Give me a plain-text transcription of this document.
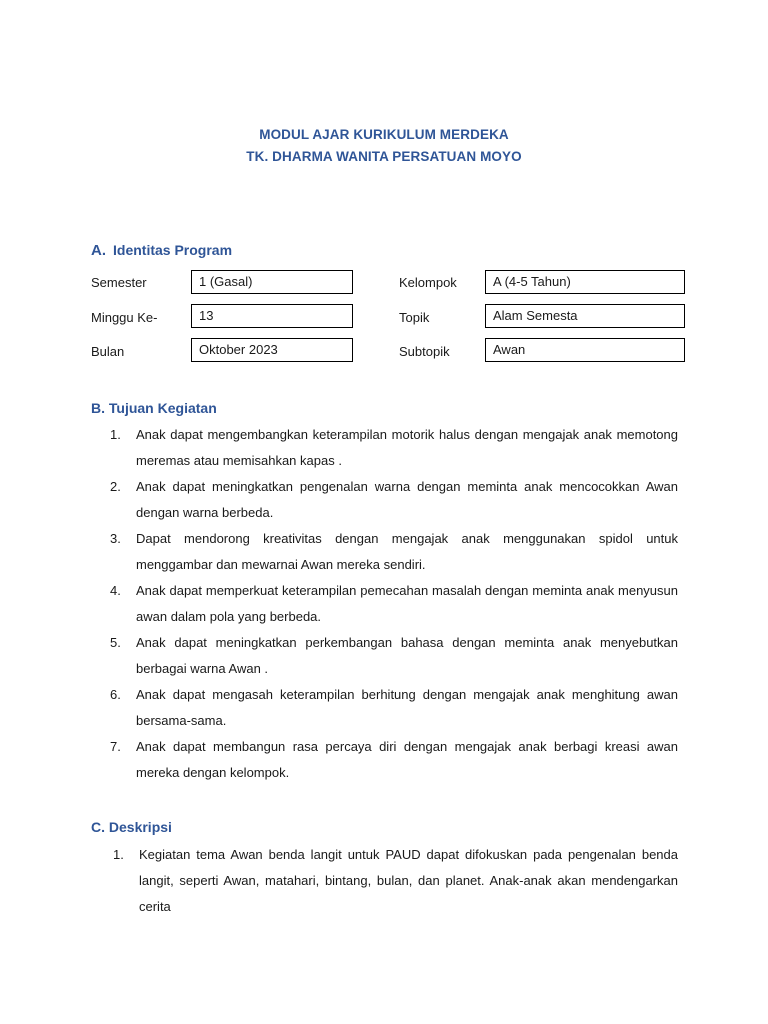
MODUL AJAR KURIKULUM MERDEKA
TK. DHARMA WANITA PERSATUAN MOYO
A. Identitas Program
Semester	1 (Gasal)
Minggu Ke-	13
Bulan	Oktober 2023
Kelompok	A (4-5 Tahun)
Topik	Alam Semesta
Subtopik	Awan
B. Tujuan Kegiatan
1. Anak dapat mengembangkan keterampilan motorik halus dengan mengajak anak memotong meremas atau memisahkan kapas .
2. Anak dapat meningkatkan pengenalan warna dengan meminta anak mencocokkan Awan dengan warna berbeda.
3. Dapat mendorong kreativitas dengan mengajak anak menggunakan spidol untuk menggambar dan mewarnai Awan mereka sendiri.
4. Anak dapat memperkuat keterampilan pemecahan masalah dengan meminta anak menyusun awan dalam pola yang berbeda.
5. Anak dapat meningkatkan perkembangan bahasa dengan meminta anak menyebutkan berbagai warna Awan .
6. Anak dapat mengasah keterampilan berhitung dengan mengajak anak menghitung awan bersama-sama.
7. Anak dapat membangun rasa percaya diri dengan mengajak anak berbagi kreasi awan mereka dengan kelompok.
C. Deskripsi
1. Kegiatan tema Awan benda langit untuk PAUD dapat difokuskan pada pengenalan benda langit, seperti Awan, matahari, bintang, bulan, dan planet. Anak-anak akan mendengarkan cerita
